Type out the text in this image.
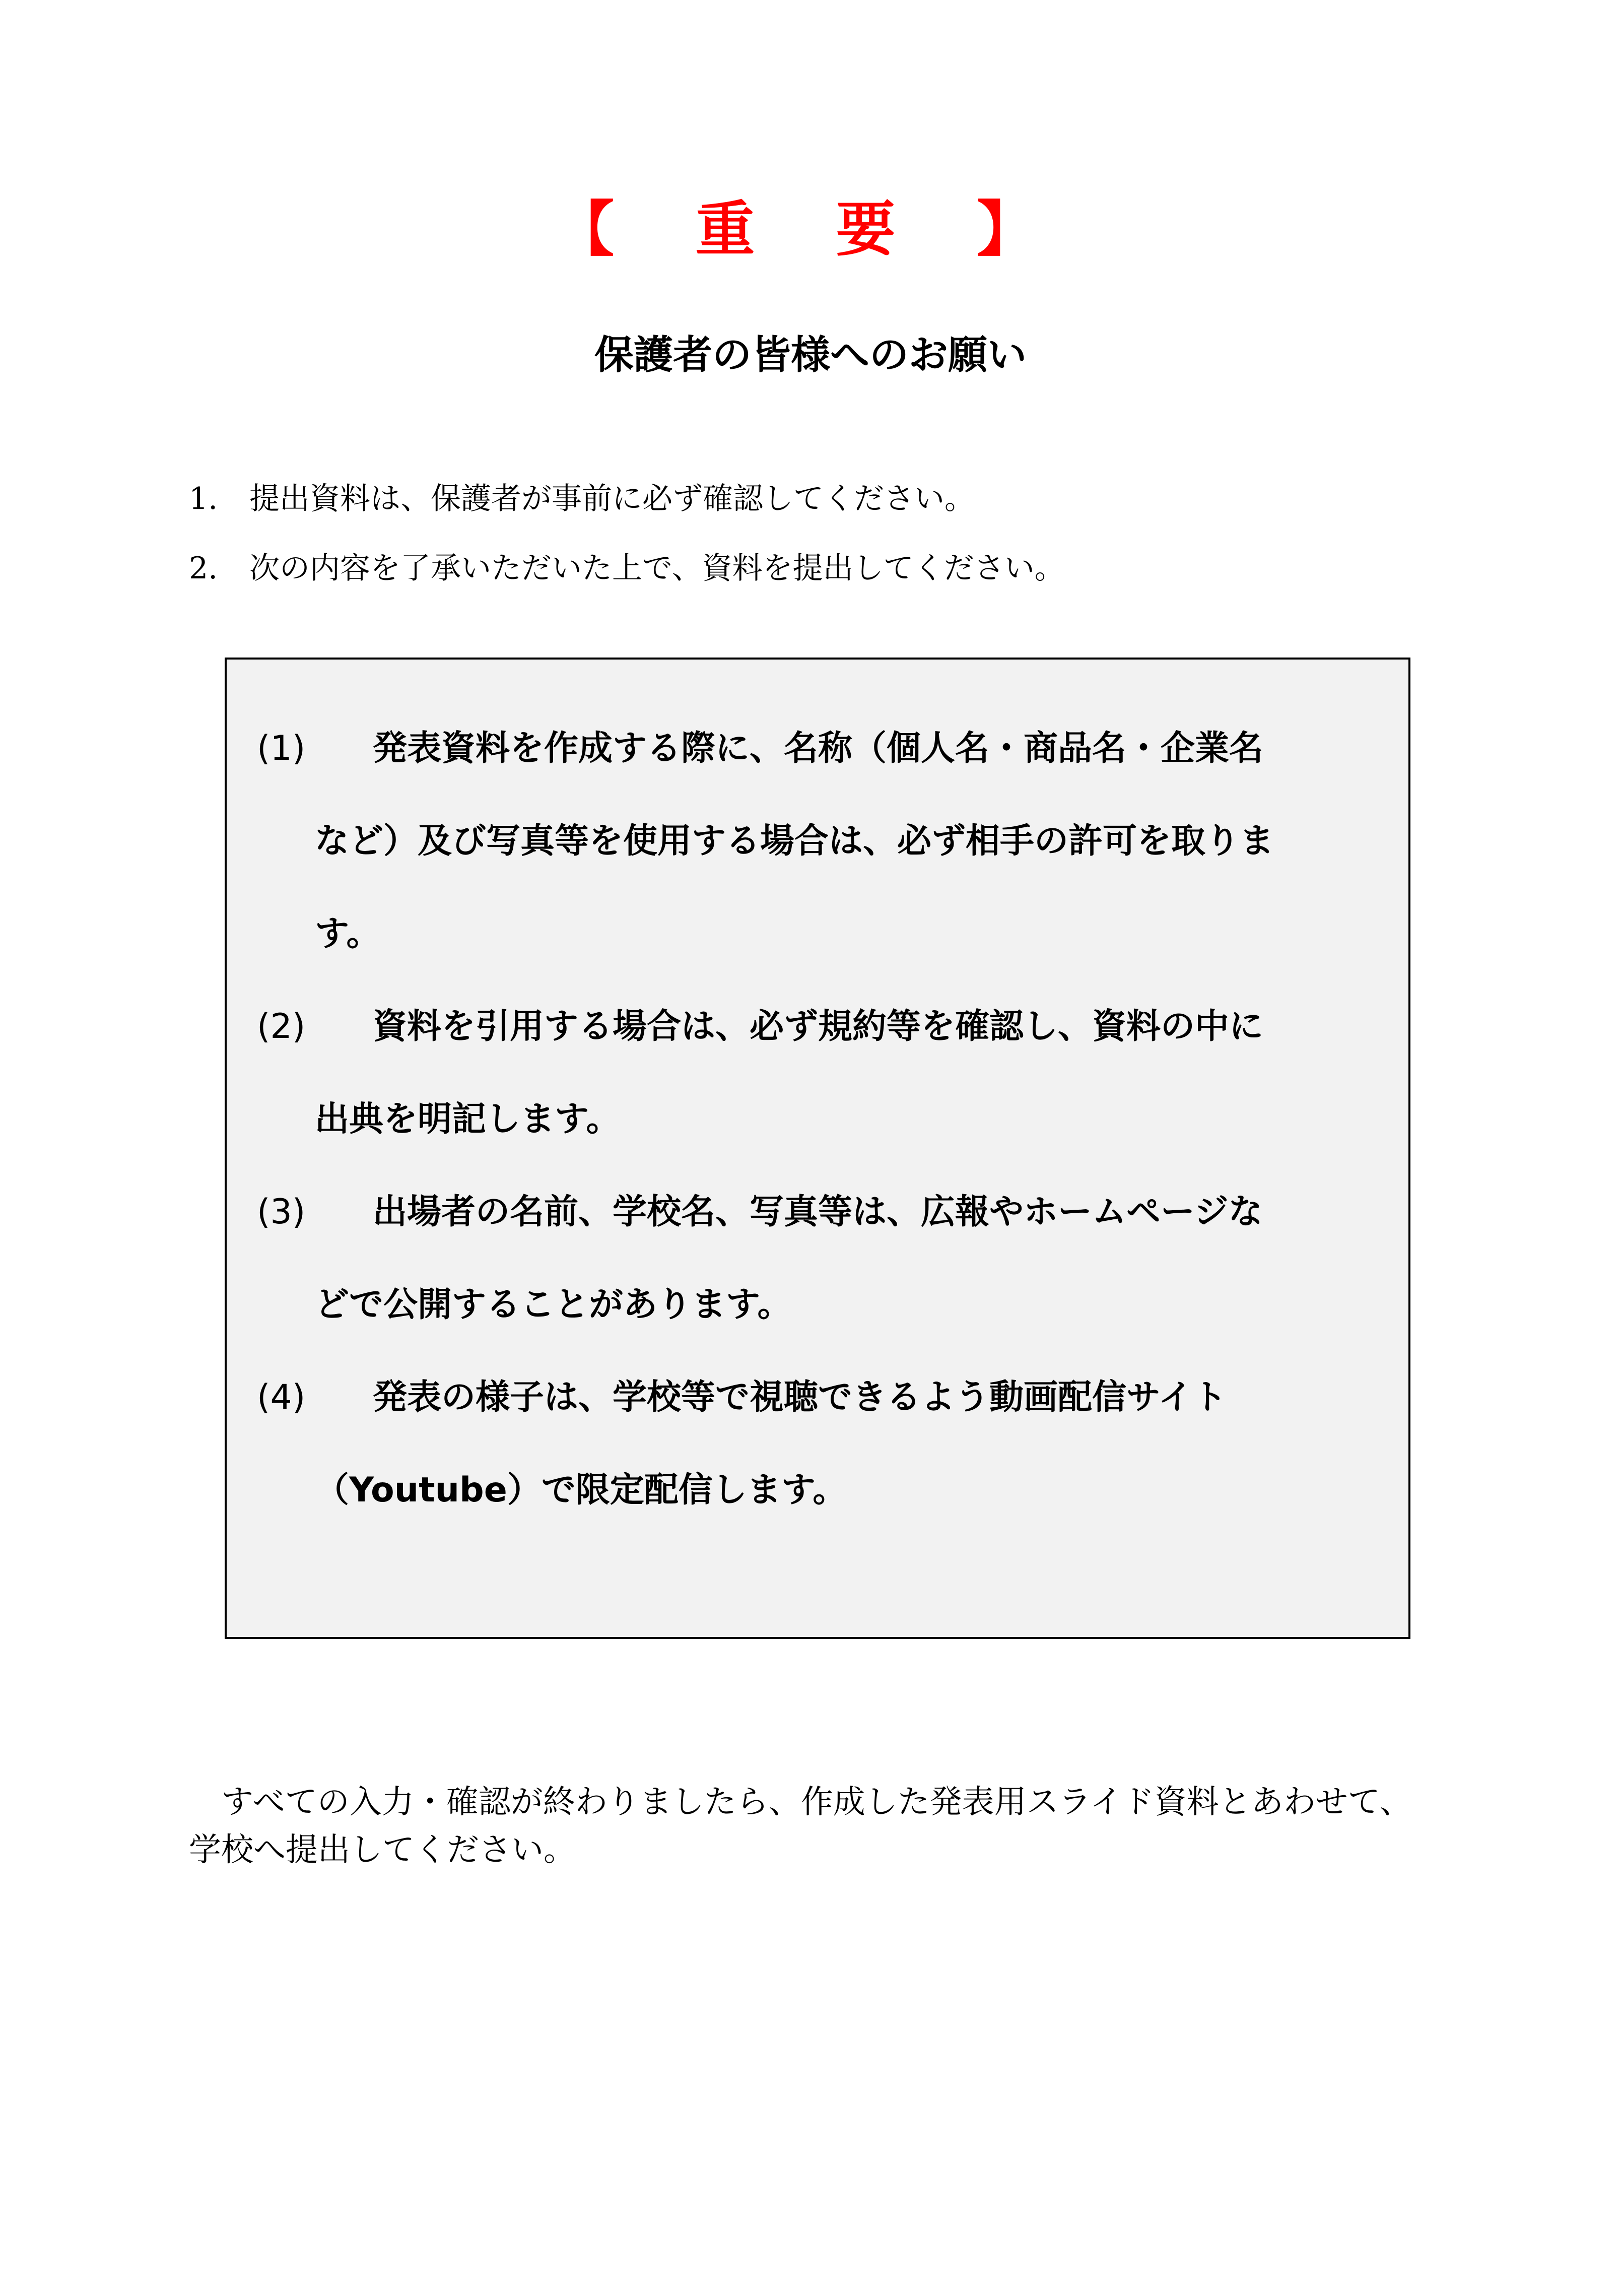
【 重 要 】
保護者の皆様へのお願い
1. 提出資料は、保護者が事前に必ず確認してください。
2. 次の内容を了承いただいた上で、資料を提出してください。
(1) 発表資料を作成する際に、名称（個人名・商品名・企業名
など）及び写真等を使用する場合は、必ず相手の許可を取りま
す。
(2) 資料を引用する場合は、必ず規約等を確認し、資料の中に
出典を明記します。
(3) 出場者の名前、学校名、写真等は、広報やホームページな
どで公開することがあります。
(4) 発表の様子は、学校等で視聴できるよう動画配信サイト
（Youtube）で限定配信します。
すべての入力・確認が終わりましたら、作成した発表用スライド資料とあわせて、
学校へ提出してください。
